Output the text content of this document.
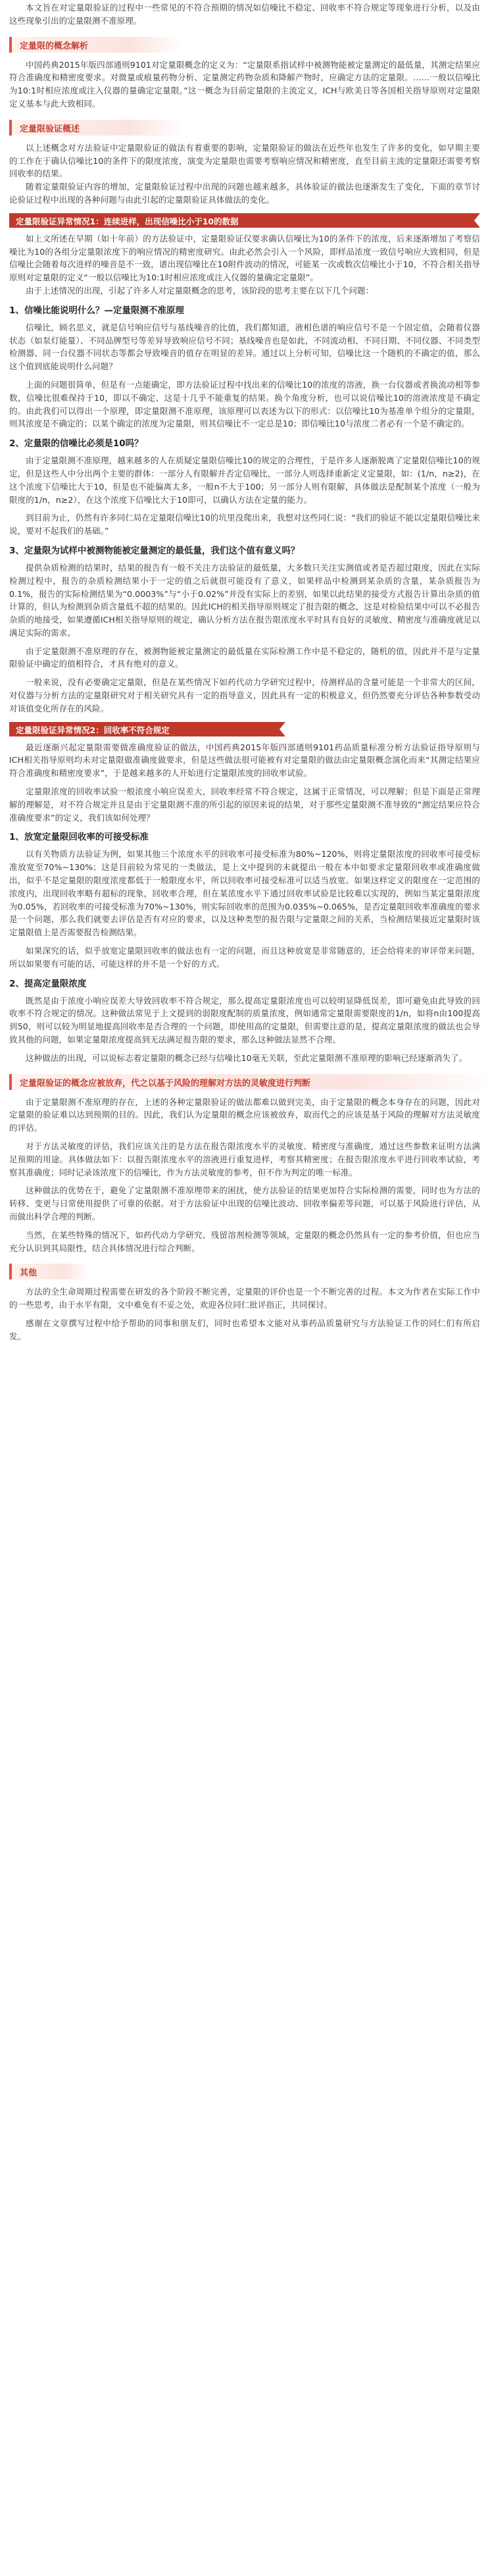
本文旨在对定量限验证的过程中一些常见的不符合预期的情况如信噪比不稳定、回收率不符合规定等现象进行分析，以及由这些现象引出的定量限测不准原理。

定量限的概念解析

中国药典2015年版四部通则9101对定量限概念的定义为：“定量限系指试样中被测物能被定量测定的最低量，其测定结果应符合准确度和精密度要求。对微量或痕量药物分析、定量测定药物杂质和降解产物时，应确定方法的定量限。……一般以信噪比为10:1时相应浓度或注入仪器的量确定定量限。”这一概念为目前定量限的主流定义，ICH与欧美日等各国相关指导原则对定量限定义基本与此大致相同。

定量限验证概述

以上述概念对方法验证中定量限验证的做法有着重要的影响，定量限验证的做法在近些年也发生了许多的变化，如早期主要的工作在于确认信噪比10的条件下的限度浓度，演变为定量限也需要考察响应情况和精密度，直至目前主流的定量限还需要考察回收率的结果。

随着定量限验证内容的增加，定量限验证过程中出现的问题也越来越多，具体验证的做法也逐渐发生了变化，下面的章节讨论验证过程中出现的各种问题与由此引起的定量限验证具体做法的变化。

定量限验证异常情况1：连续进样，出现信噪比小于10的数据

如上文所述在早期（如十年前）的方法验证中，定量限验证仅要求确认信噪比为10的条件下的浓度，后来逐渐增加了考察信噪比为10的各组分定量限浓度下的响应情况的精密度研究。由此必然会引入一个风险，即样品浓度一致信号响应大致相同，但是信噪比会随着每次进样的噪音是不一致，谱出现信噪比在10附件波动的情况，可能某一次或数次信噪比小于10，不符合相关指导原则对定量限的定义“一般以信噪比为10:1时相应浓度或注入仪器的量确定定量限”。

由于上述情况的出现，引起了许多人对定量限概念的思考，该阶段的思考主要在以下几个问题：

1、信噪比能说明什么？—定量限测不准原理

信噪比，顾名思义，就是信号响应信号与基线噪音的比值，我们都知道，液相色谱的响应信号不是一个固定值，会随着仪器状态（如泵灯能量）、不同品牌型号等差异导致响应信号不同；基线噪音也是如此，不同流动相、不同日期、不同仪器、不同类型检测器、同一台仪器不同状态等都会导致噪音的值存在明显的差异。通过以上分析可知，信噪比这一个随机的不确定的值，那么这个值到底能说明什么问题？

上面的问题很简单，但是有一点能确定，即方法验证过程中找出来的信噪比10的浓度的溶液，换一台仪器或者换流动相等参数，信噪比很难保持于10，即以不确定、这是十几乎不能重复的结果。换个角度分析，也可以说信噪比10的溶液浓度是不确定的。由此我们可以得出一个原理，即定量限测不准原理，该原理可以表述为以下的形式：以信噪比10为基准单个组分的定量限，则其浓度是不确定的；以某个确定的浓度为定量限，则其信噪比不一定总是10；即信噪比10与浓度二者必有一个是不确定的。

2、定量限的信噪比必须是10吗？

由于定量限测不准原理，越来越多的人在质疑定量限信噪比10的规定的合理性，于是许多人逐渐脱离了定量限信噪比10的规定，但是这些人中分出两个主要的群体：一部分人有限解并否定信噪比，一部分人则选择重新定义定量限，如：(1/n，n≥2)，在这个浓度下信噪比大于10，但是也不能偏离太多，一般n不大于100；另一部分人则有限解，具体做法是配制某个浓度（一般为限度的1/n，n≥2），在这个浓度下信噪比大于10即可，以确认方法在定量的能力。

到目前为止，仍然有许多同仁局在定量限信噪比10的坑里没爬出来，我想对这些同仁说：“我们的验证不能以定量限信噪比来说，要对不起我们的基础。”

3、定量限为试样中被测物能被定量测定的最低量，我们这个值有意义吗？

提供杂质检测的结果时，结果的报告有一般不关注方法验证的最低量，大多数只关注实测值或者是否超过限度，因此在实际检测过程中，报告的杂质检测结果小于一定的值之后就很可能没有了意义，如果样品中检测到某杂质的含量，某杂质报告为0.1%，报告的实际检测结果为“0.0003%”与“小于0.02%”并没有实际上的差别，如果以此结果的接受方式报告计算出杂质的值计算的，但认为检测到杂质含量低不超的结果的。因此ICH的相关指导原则规定了报告限的概念，这是对检验结果中可以不必报告杂质的地接受，如果遵循ICH相关指导原则的规定，确认分析方法在报告限浓度水平时具有良好的灵敏度、精密度与准确度就足以满足实际的需求。

由于定量限测不准原理的存在，被测物能被定量测定的最低量在实际检测工作中是不稳定的，随机的值，因此并不是与定量限验证中确定的值相符合，才具有绝对的意义。

一般来说，没有必要确定定量限，但是在某些情况下如药代动力学研究过程中，待测样品的含量可能是一个非常大的区间，对仪器与分析方法的定量限研究对于相关研究具有一定的指导意义，因此具有一定的积极意义，但仍然要充分评估各种参数受动对该值变化所存在的风险。

定量限验证异常情况2：回收率不符合规定

最近逐渐兴起定量限需要做准确度验证的做法，中国药典2015年版四部通则9101药品质量标准分析方法验证指导原则与ICH相关指导原则均未对定量限做准确度做要求，但是这些做法很可能被有对定量限的做法由定量限概念演化而来“其测定结果应符合准确度和精密度要求”，于是越来越多的人开始进行定量限浓度的回收率试验。

定量限浓度的回收率试验一般浓度小响应误差大，回收率经常不符合规定，这属于正常情况，可以理解；但是下面是正常理解的理解是，对不符合规定并且是由于定量限测不准的所引起的原因来说的结果，对于那些定量限测不准导致的“测定结果应符合准确度要求”的定义，我们该如何处理？

1、放宽定量限回收率的可接受标准

以有关物质方法验证为例，如果其他三个浓度水平的回收率可接受标准为80%~120%，则将定量限浓度的回收率可接受标准放宽至70%~130%；这是目前较为常见的一类做法，是上文中提到的未就提出一般在本中如要求定量限回收率或准确度做出，似乎不是定量限的限度浓度都低于一般限度水平，所以回收率可接受标准可以适当放宽。如果这样定义的限度在一定范围的浓度内，出现回收率略有超标的现象，回收率合理，但在某浓度水平下通过回收率试验是比较难以实现的，例如当某定量限浓度为0.05%，若回收率的可接受标准为70%~130%，则实际回收率的范围为0.035%~0.065%，是否定量限回收率准确度的要求是一个问题，那么我们就要去评估是否有对应的要求，以及这种类型的报告限与定量限之间的关系，当检测结果接近定量限时该定量限值上是否需要报告检测结果。

如果深究的话，似乎放宽定量限回收率的做法也有一定的问题，而且这种放宽是非常随意的，还会给将来的审评带来问题，所以如果要有可能的话，可能这样的并不是一个好的方式。

2、提高定量限浓度

既然是由于浓度小响应误差大导致回收率不符合规定，那么提高定量限浓度也可以较明显降低误差，即可避免由此导致的回收率不符合规定的情况。这种做法常见于上文提到的弱限度配制的质量浓度，例如通常定量限需要限度的1/n，如将n由100提高到50，则可以较为明显地提高回收率是否合理的一个问题，即使用高的定量限，但需要注意的是，提高定量限浓度的做法也会导致其他的问题，如果定量限浓度提高到无法满足报告限的要求，那么这种做法显然不合理。

这种做法的出现，可以说标志着定量限的概念已经与信噪比10毫无关联，至此定量限测不准原理的影响已经逐渐消失了。

定量限验证的概念应被放弃，代之以基于风险的理解对方法的灵敏度进行判断

由于定量限测不准原理的存在，上述的各种定量限验证的做法都难以做到完美，由于定量限的概念本身存在的问题，因此对定量限的验证难以达到预期的目的。因此，我们认为定量限的概念应该被放弃，取而代之的应该是基于风险的理解对方法灵敏度的评估。

对于方法灵敏度的评估，我们应该关注的是方法在报告限浓度水平的灵敏度、精密度与准确度，通过这些参数来证明方法满足预期的用途。具体做法如下：以报告限浓度水平的溶液进行重复进样，考察其精密度；在报告限浓度水平进行回收率试验，考察其准确度；同时记录该浓度下的信噪比，作为方法灵敏度的参考，但不作为判定的唯一标准。

这种做法的优势在于，避免了定量限测不准原理带来的困扰，使方法验证的结果更加符合实际检测的需要，同时也为方法的转移、变更与日常使用提供了可靠的依据。对于方法验证中出现的信噪比波动、回收率偏差等问题，可以基于风险进行评估，从而做出科学合理的判断。

当然，在某些特殊的情况下，如药代动力学研究、残留溶剂检测等领域，定量限的概念仍然具有一定的参考价值，但也应当充分认识到其局限性，结合具体情况进行综合判断。

其他

方法的全生命周期过程需要在研发的各个阶段不断完善，定量限的评价也是一个不断完善的过程。本文为作者在实际工作中的一些思考，由于水平有限，文中难免有不妥之处，欢迎各位同仁批评指正，共同探讨。

感谢在文章撰写过程中给予帮助的同事和朋友们，同时也希望本文能对从事药品质量研究与方法验证工作的同仁们有所启发。
